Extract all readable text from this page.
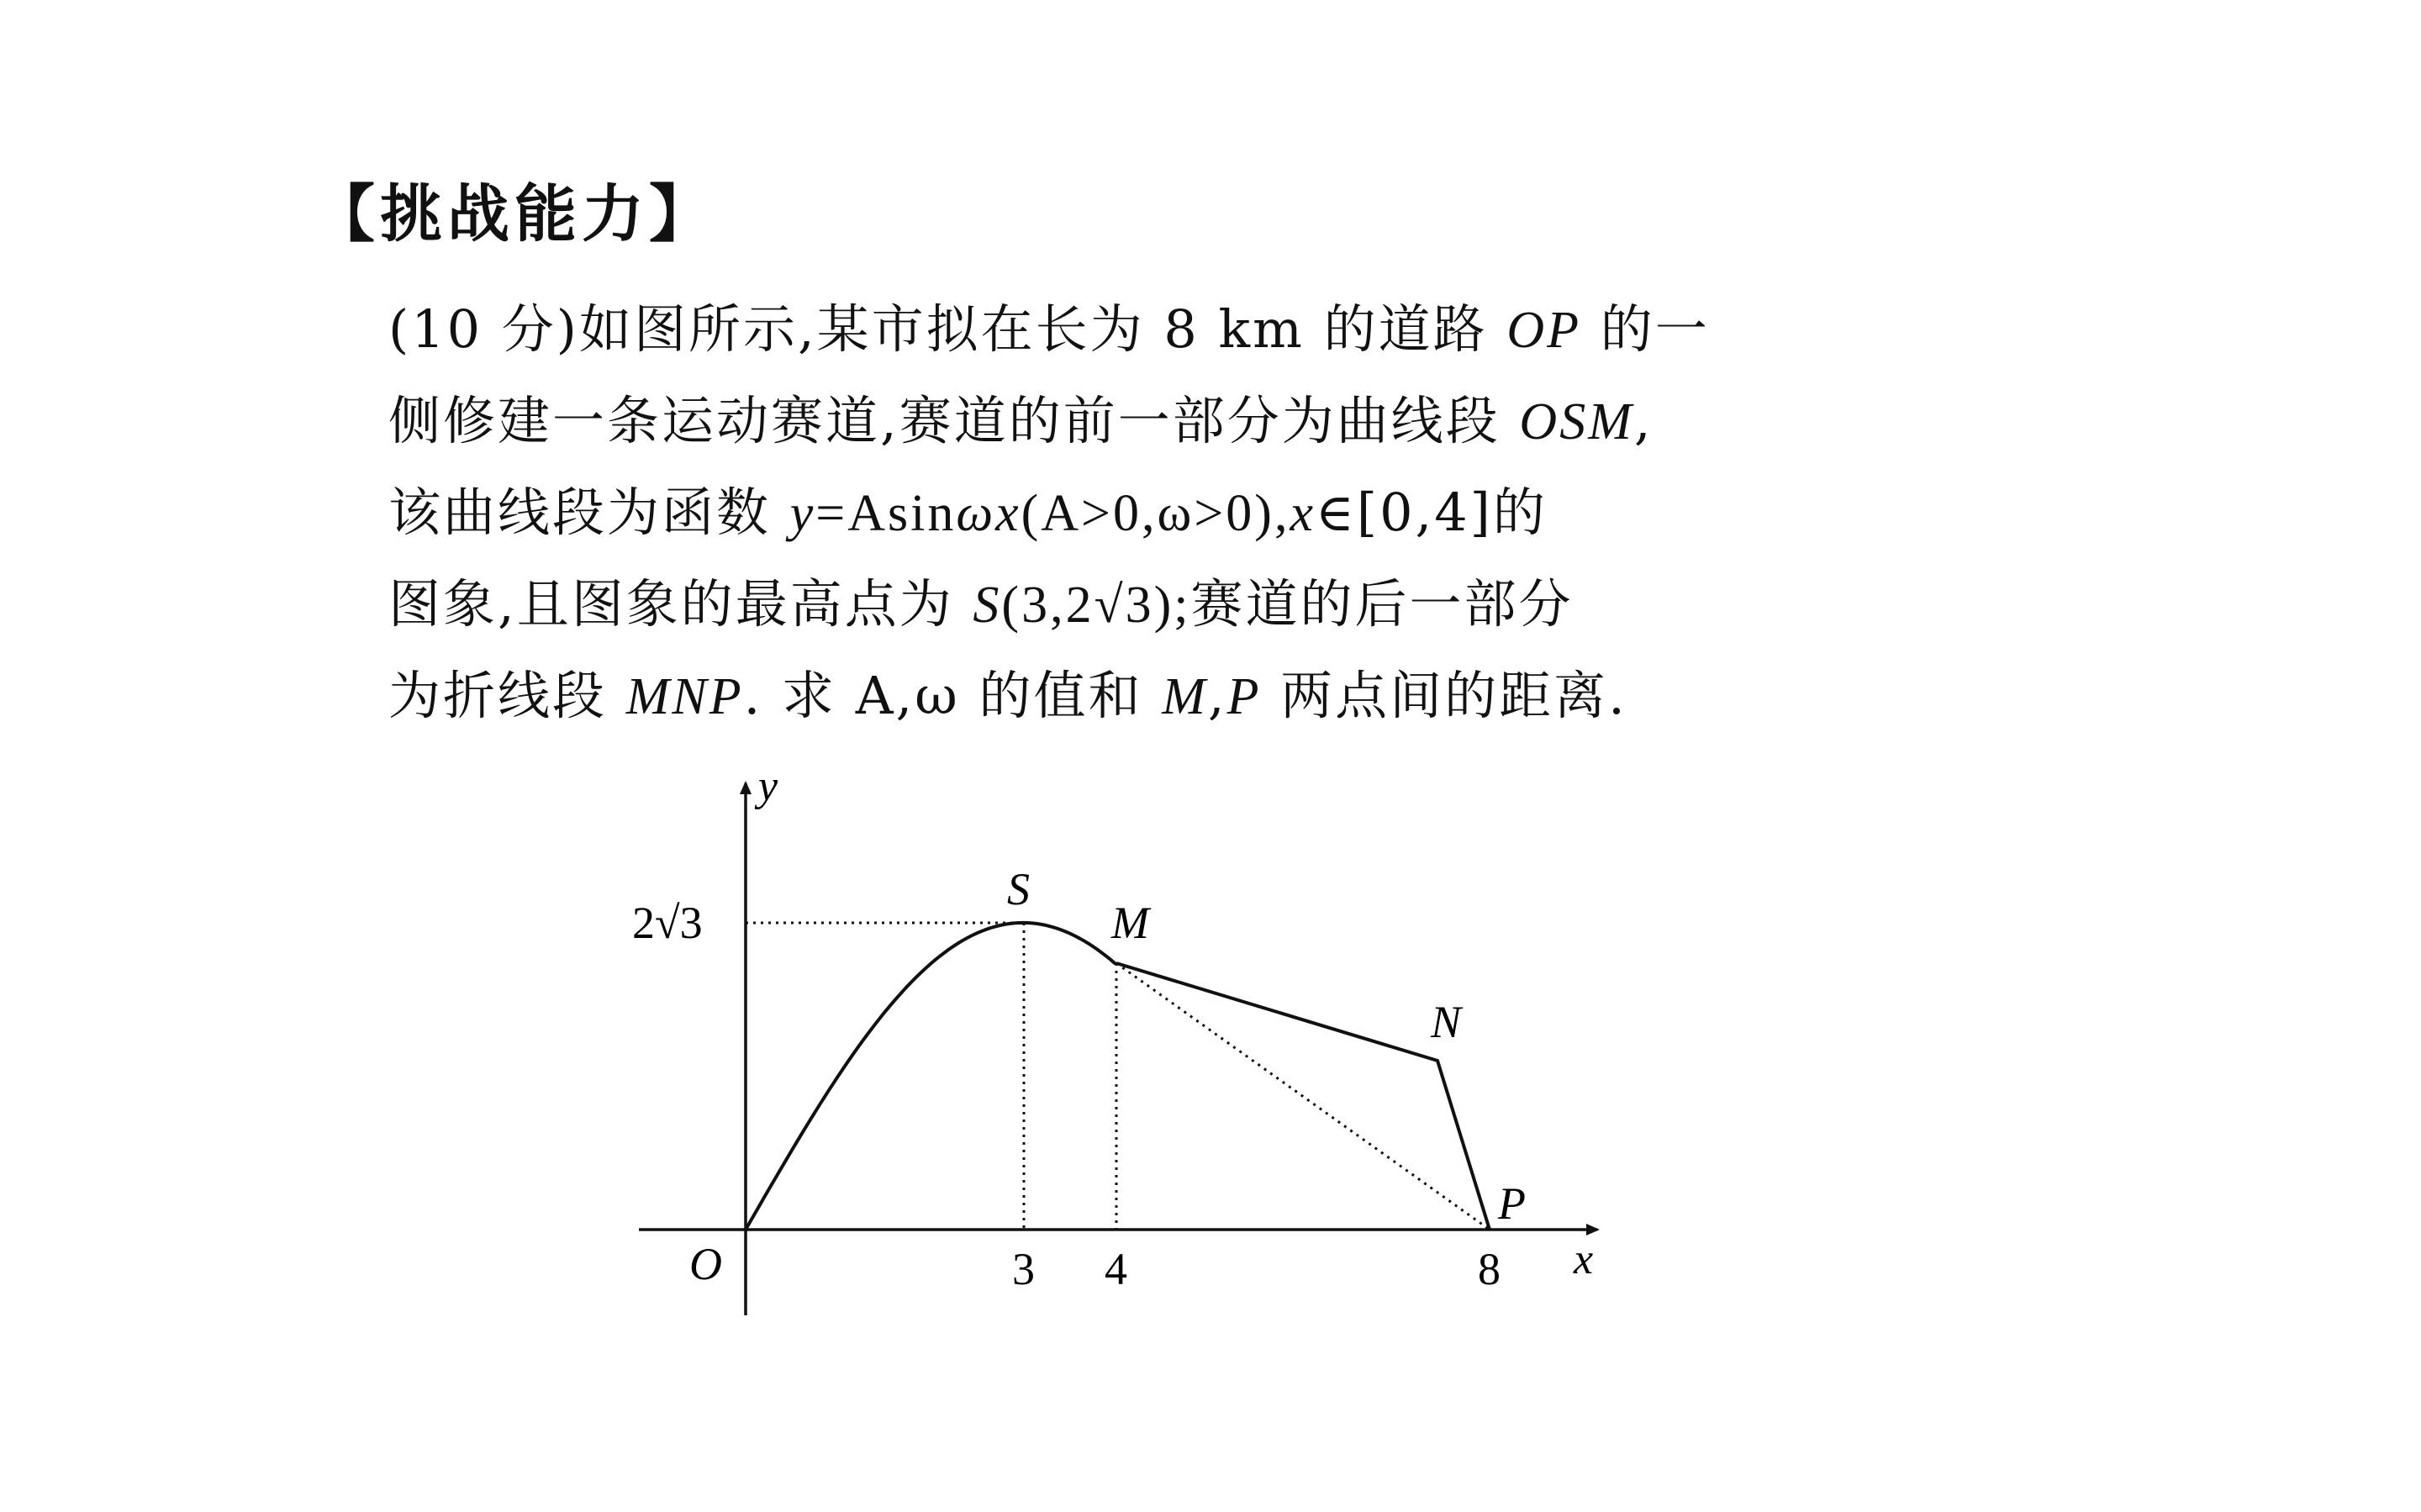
【挑战能力】
(10 分)如图所示,某市拟在长为 8 km 的道路 OP 的一
侧修建一条运动赛道,赛道的前一部分为曲线段 OSM,
该曲线段为函数 y=Asinωx(A>0,ω>0),x∈[0,4]的
图象,且图象的最高点为 S(3,2√3);赛道的后一部分
为折线段 MNP. 求 A,ω 的值和 M,P 两点间的距离.
y
x
O
S
M
N
P
2√3
3 4	8
